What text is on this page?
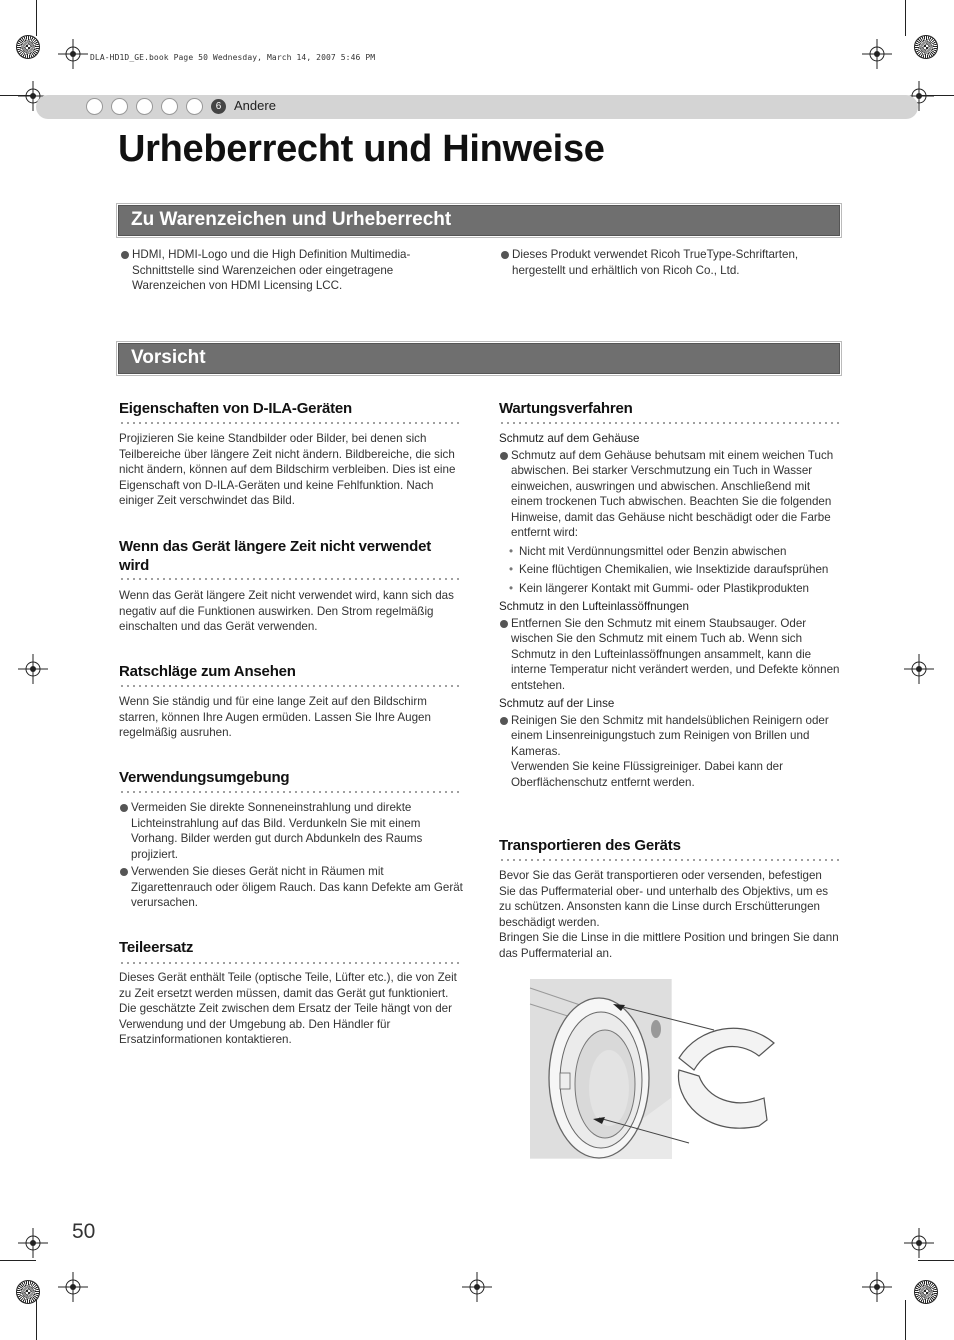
DLA-HD1D_GE.book Page 50 Wednesday, March 14, 2007 5:46 PM
6 Andere
Urheberrecht und Hinweise
Zu Warenzeichen und Urheberrecht
HDMI, HDMI-Logo und die High Definition Multimedia-Schnittstelle sind Warenzeichen oder eingetragene Warenzeichen von HDMI Licensing LCC.
Dieses Produkt verwendet Ricoh TrueType-Schriftarten, hergestellt und erhältlich von Ricoh Co., Ltd.
Vorsicht
Eigenschaften von D-ILA-Geräten
Projizieren Sie keine Standbilder oder Bilder, bei denen sich Teilbereiche über längere Zeit nicht ändern. Bildbereiche, die sich nicht ändern, können auf dem Bildschirm verbleiben. Dies ist eine Eigenschaft von D-ILA-Geräten und keine Fehlfunktion. Nach einiger Zeit verschwindet das Bild.
Wenn das Gerät längere Zeit nicht verwendet wird
Wenn das Gerät längere Zeit nicht verwendet wird, kann sich das negativ auf die Funktionen auswirken. Den Strom regelmäßig einschalten und das Gerät verwenden.
Ratschläge zum Ansehen
Wenn Sie ständig und für eine lange Zeit auf den Bildschirm starren, können Ihre Augen ermüden. Lassen Sie Ihre Augen regelmäßig ausruhen.
Verwendungsumgebung
Vermeiden Sie direkte Sonneneinstrahlung und direkte Lichteinstrahlung auf das Bild. Verdunkeln Sie mit einem Vorhang. Bilder werden gut durch Abdunkeln des Raums projiziert.
Verwenden Sie dieses Gerät nicht in Räumen mit Zigarettenrauch oder öligem Rauch. Das kann Defekte am Gerät verursachen.
Teileersatz
Dieses Gerät enthält Teile (optische Teile, Lüfter etc.), die von Zeit zu Zeit ersetzt werden müssen, damit das Gerät gut funktioniert. Die geschätzte Zeit zwischen dem Ersatz der Teile hängt von der Verwendung und der Umgebung ab. Den Händler für Ersatzinformationen kontaktieren.
Wartungsverfahren
Schmutz auf dem Gehäuse
Schmutz auf dem Gehäuse behutsam mit einem weichen Tuch abwischen. Bei starker Verschmutzung ein Tuch in Wasser einweichen, auswringen und abwischen. Anschließend mit einem trockenen Tuch abwischen. Beachten Sie die folgenden Hinweise, damit das Gehäuse nicht beschädigt oder die Farbe entfernt wird:
• Nicht mit Verdünnungsmittel oder Benzin abwischen
• Keine flüchtigen Chemikalien, wie Insektizide daraufsprühen
• Kein längerer Kontakt mit Gummi- oder Plastikprodukten
Schmutz in den Lufteinlassöffnungen
Entfernen Sie den Schmutz mit einem Staubsauger. Oder wischen Sie den Schmutz mit einem Tuch ab. Wenn sich Schmutz in den Lufteinlassöffnungen ansammelt, kann die interne Temperatur nicht verändert werden, und Defekte können entstehen.
Schmutz auf der Linse
Reinigen Sie den Schmitz mit handelsüblichen Reinigern oder einem Linsenreinigungstuch zum Reinigen von Brillen und Kameras.
Verwenden Sie keine Flüssigreiniger. Dabei kann der Oberflächenschutz entfernt werden.
Transportieren des Geräts
Bevor Sie das Gerät transportieren oder versenden, befestigen Sie das Puffermaterial ober- und unterhalb des Objektivs, um es zu schützen. Ansonsten kann die Linse durch Erschütterungen beschädigt werden.
Bringen Sie die Linse in die mittlere Position und bringen Sie dann das Puffermaterial an.
50
